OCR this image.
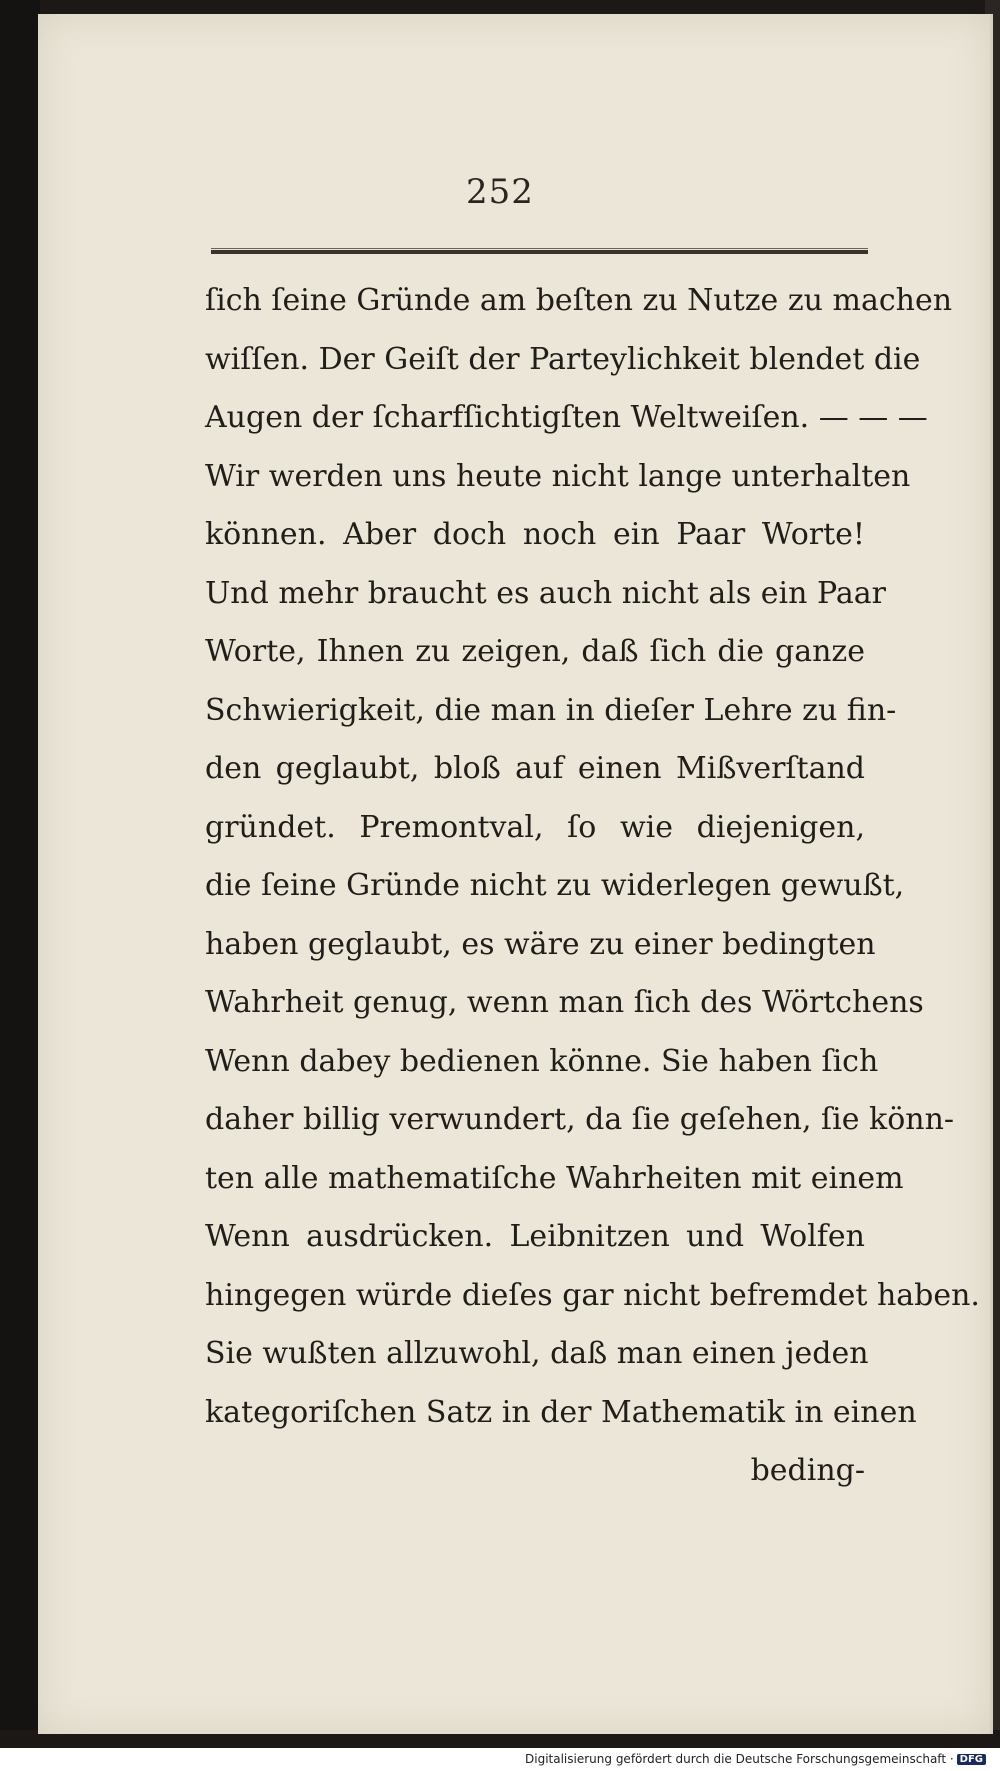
252
ſich ſeine Gründe am beſten zu Nutze zu machen
wiſſen. Der Geiſt der Parteylichkeit blendet die
Augen der ſcharfſichtigſten Weltweiſen. — — —
Wir werden uns heute nicht lange unterhalten
können. Aber doch noch ein Paar Worte!
Und mehr braucht es auch nicht als ein Paar
Worte, Ihnen zu zeigen, daß ſich die ganze
Schwierigkeit, die man in dieſer Lehre zu fin-
den geglaubt, bloß auf einen Mißverſtand
gründet. Premontval, ſo wie diejenigen,
die ſeine Gründe nicht zu widerlegen gewußt,
haben geglaubt, es wäre zu einer bedingten
Wahrheit genug, wenn man ſich des Wörtchens
Wenn dabey bedienen könne. Sie haben ſich
daher billig verwundert, da ſie geſehen, ſie könn-
ten alle mathematiſche Wahrheiten mit einem
Wenn ausdrücken. Leibnitzen und Wolfen
hingegen würde dieſes gar nicht befremdet haben.
Sie wußten allzuwohl, daß man einen jeden
kategoriſchen Satz in der Mathematik in einen
beding-
Digitalisierung gefördert durch die Deutsche Forschungsgemeinschaft · DFG
